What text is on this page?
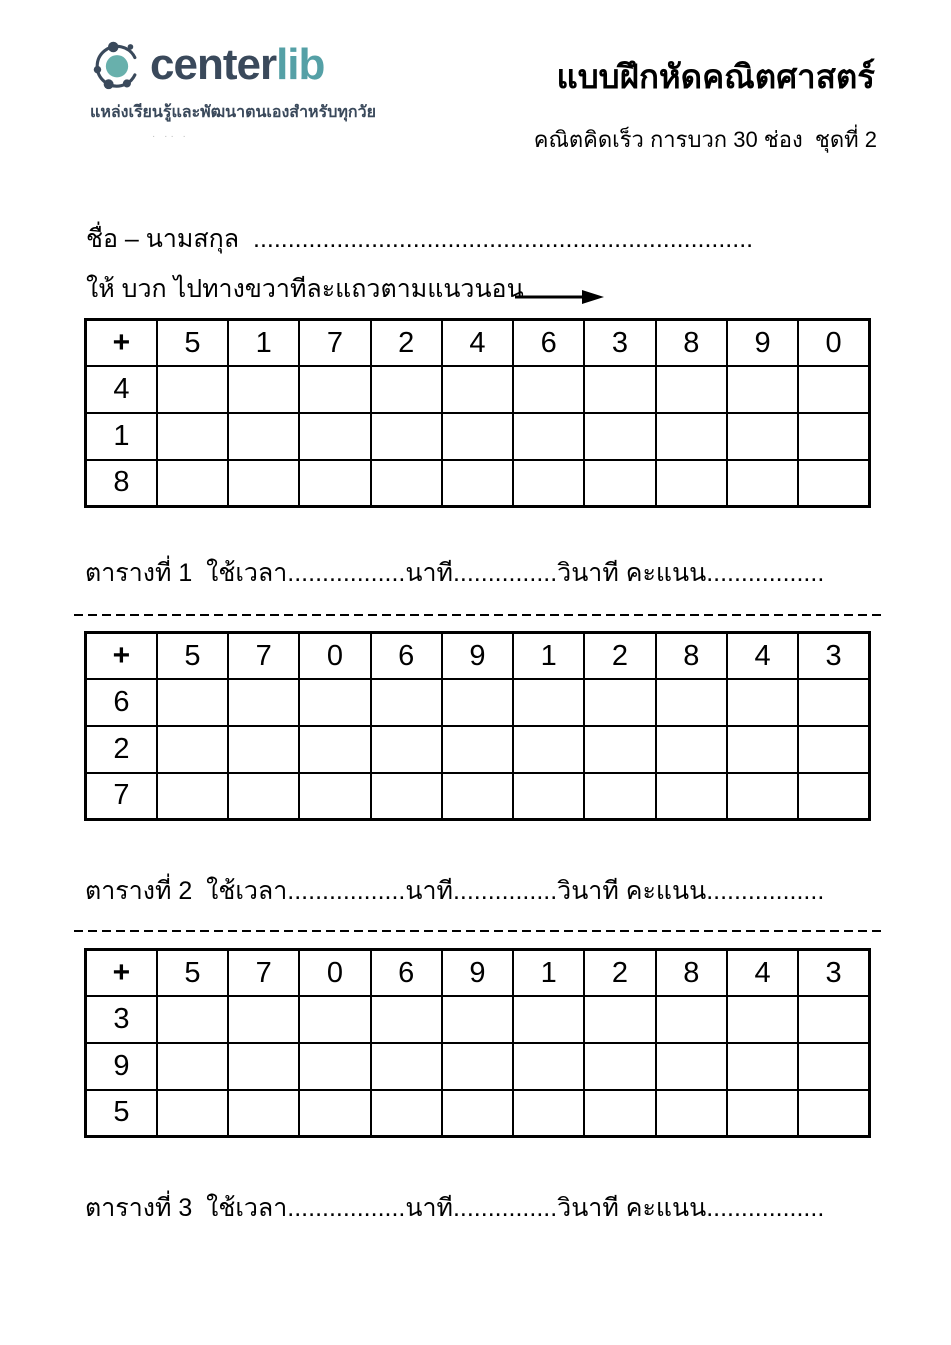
centerlib
แหล่งเรียนรู้และพัฒนาตนเองสำหรับทุกวัย
· ·· ·
แบบฝึกหัดคณิตศาสตร์
คณิตคิดเร็ว การบวก 30 ช่อง  ชุดที่ 2
ชื่อ – นามสกุล  ........................................................................
ให้ บวก ไปทางขวาทีละแถวตามแนวนอน
+	5	1	7	2	4	6	3	8	9	0
4										
1										
8										
ตารางที่ 1  ใช้เวลา.................นาที...............วินาที คะแนน.................
+	5	7	0	6	9	1	2	8	4	3
6										
2										
7										
ตารางที่ 2  ใช้เวลา.................นาที...............วินาที คะแนน.................
+	5	7	0	6	9	1	2	8	4	3
3										
9										
5										
ตารางที่ 3  ใช้เวลา.................นาที...............วินาที คะแนน.................
